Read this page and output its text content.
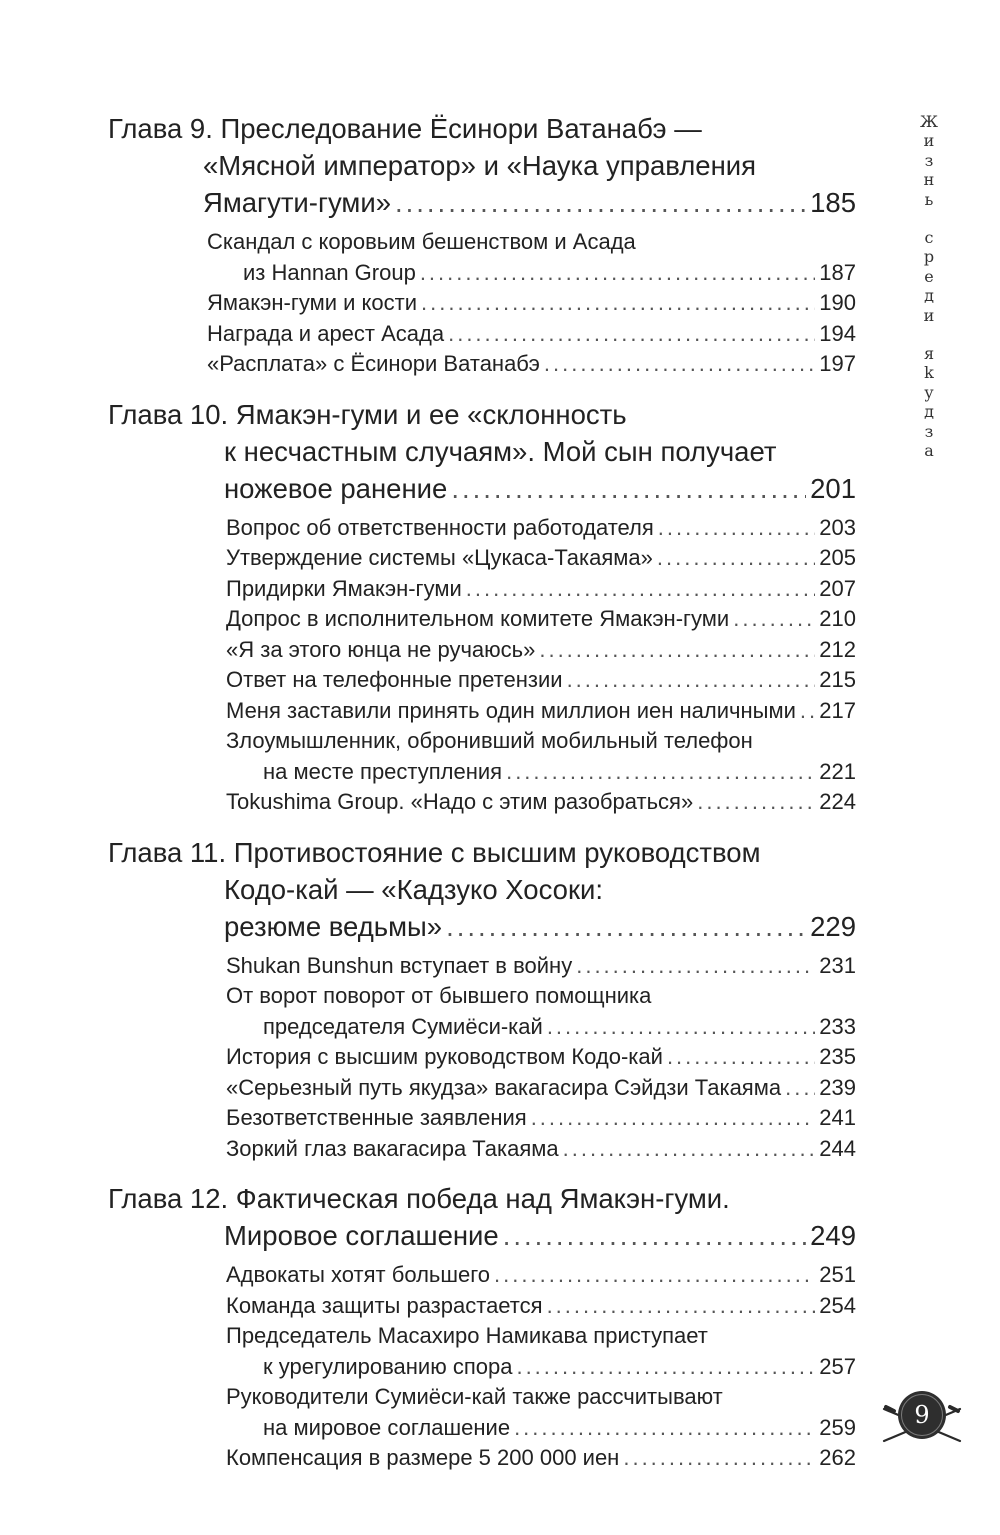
Ж
и
з
н
ь

с
р
е
д
и

я
k
у
д
з
а
Глава 9. Преследование Ёсинори Ватанабэ —
«Мясной император» и «Наука управления
Ямагути-гуми» .....	185
Скандал с коровьим бешенством и Асада
из Hannan Group .....	187
Ямакэн-гуми и кости .....	190
Награда и арест Асада .....	194
«Расплата» с Ёсинори Ватанабэ .....	197
Глава 10. Ямакэн-гуми и ее «склонность
к несчастным случаям». Мой сын получает
ножевое ранение .....	201
Вопрос об ответственности работодателя .....	203
Утверждение системы «Цукаса-Такаяма» .....	205
Придирки Ямакэн-гуми .....	207
Допрос в исполнительном комитете Ямакэн-гуми .....	210
«Я за этого юнца не ручаюсь» .....	212
Ответ на телефонные претензии .....	215
Меня заставили принять один миллион иен наличными ..... 217
Злоумышленник, обронивший мобильный телефон
на месте преступления .....	221
Tokushima Group. «Надо с этим разобраться» .....	224
Глава 11. Противостояние с высшим руководством
Кодо-кай — «Кадзуко Хосоки:
резюме ведьмы» .....	229
Shukan Bunshun вступает в войну .....	231
От ворот поворот от бывшего помощника
председателя Сумиёси-кай .....	233
История с высшим руководством Кодо-кай .....	235
«Серьезный путь якудза» вакагасира Сэйдзи Такаяма ..... 239
Безответственные заявления .....	241
Зоркий глаз вакагасира Такаяма .....	244
Глава 12. Фактическая победа над Ямакэн-гуми.
Мировое соглашение .....	249
Адвокаты хотят большего .....	251
Команда защиты разрастается .....	254
Председатель Масахиро Намикава приступает
к урегулированию спора .....	257
Руководители Сумиёси-кай также рассчитывают
на мировое соглашение .....	259
Компенсация в размере 5 200 000 иен .....	262
9
